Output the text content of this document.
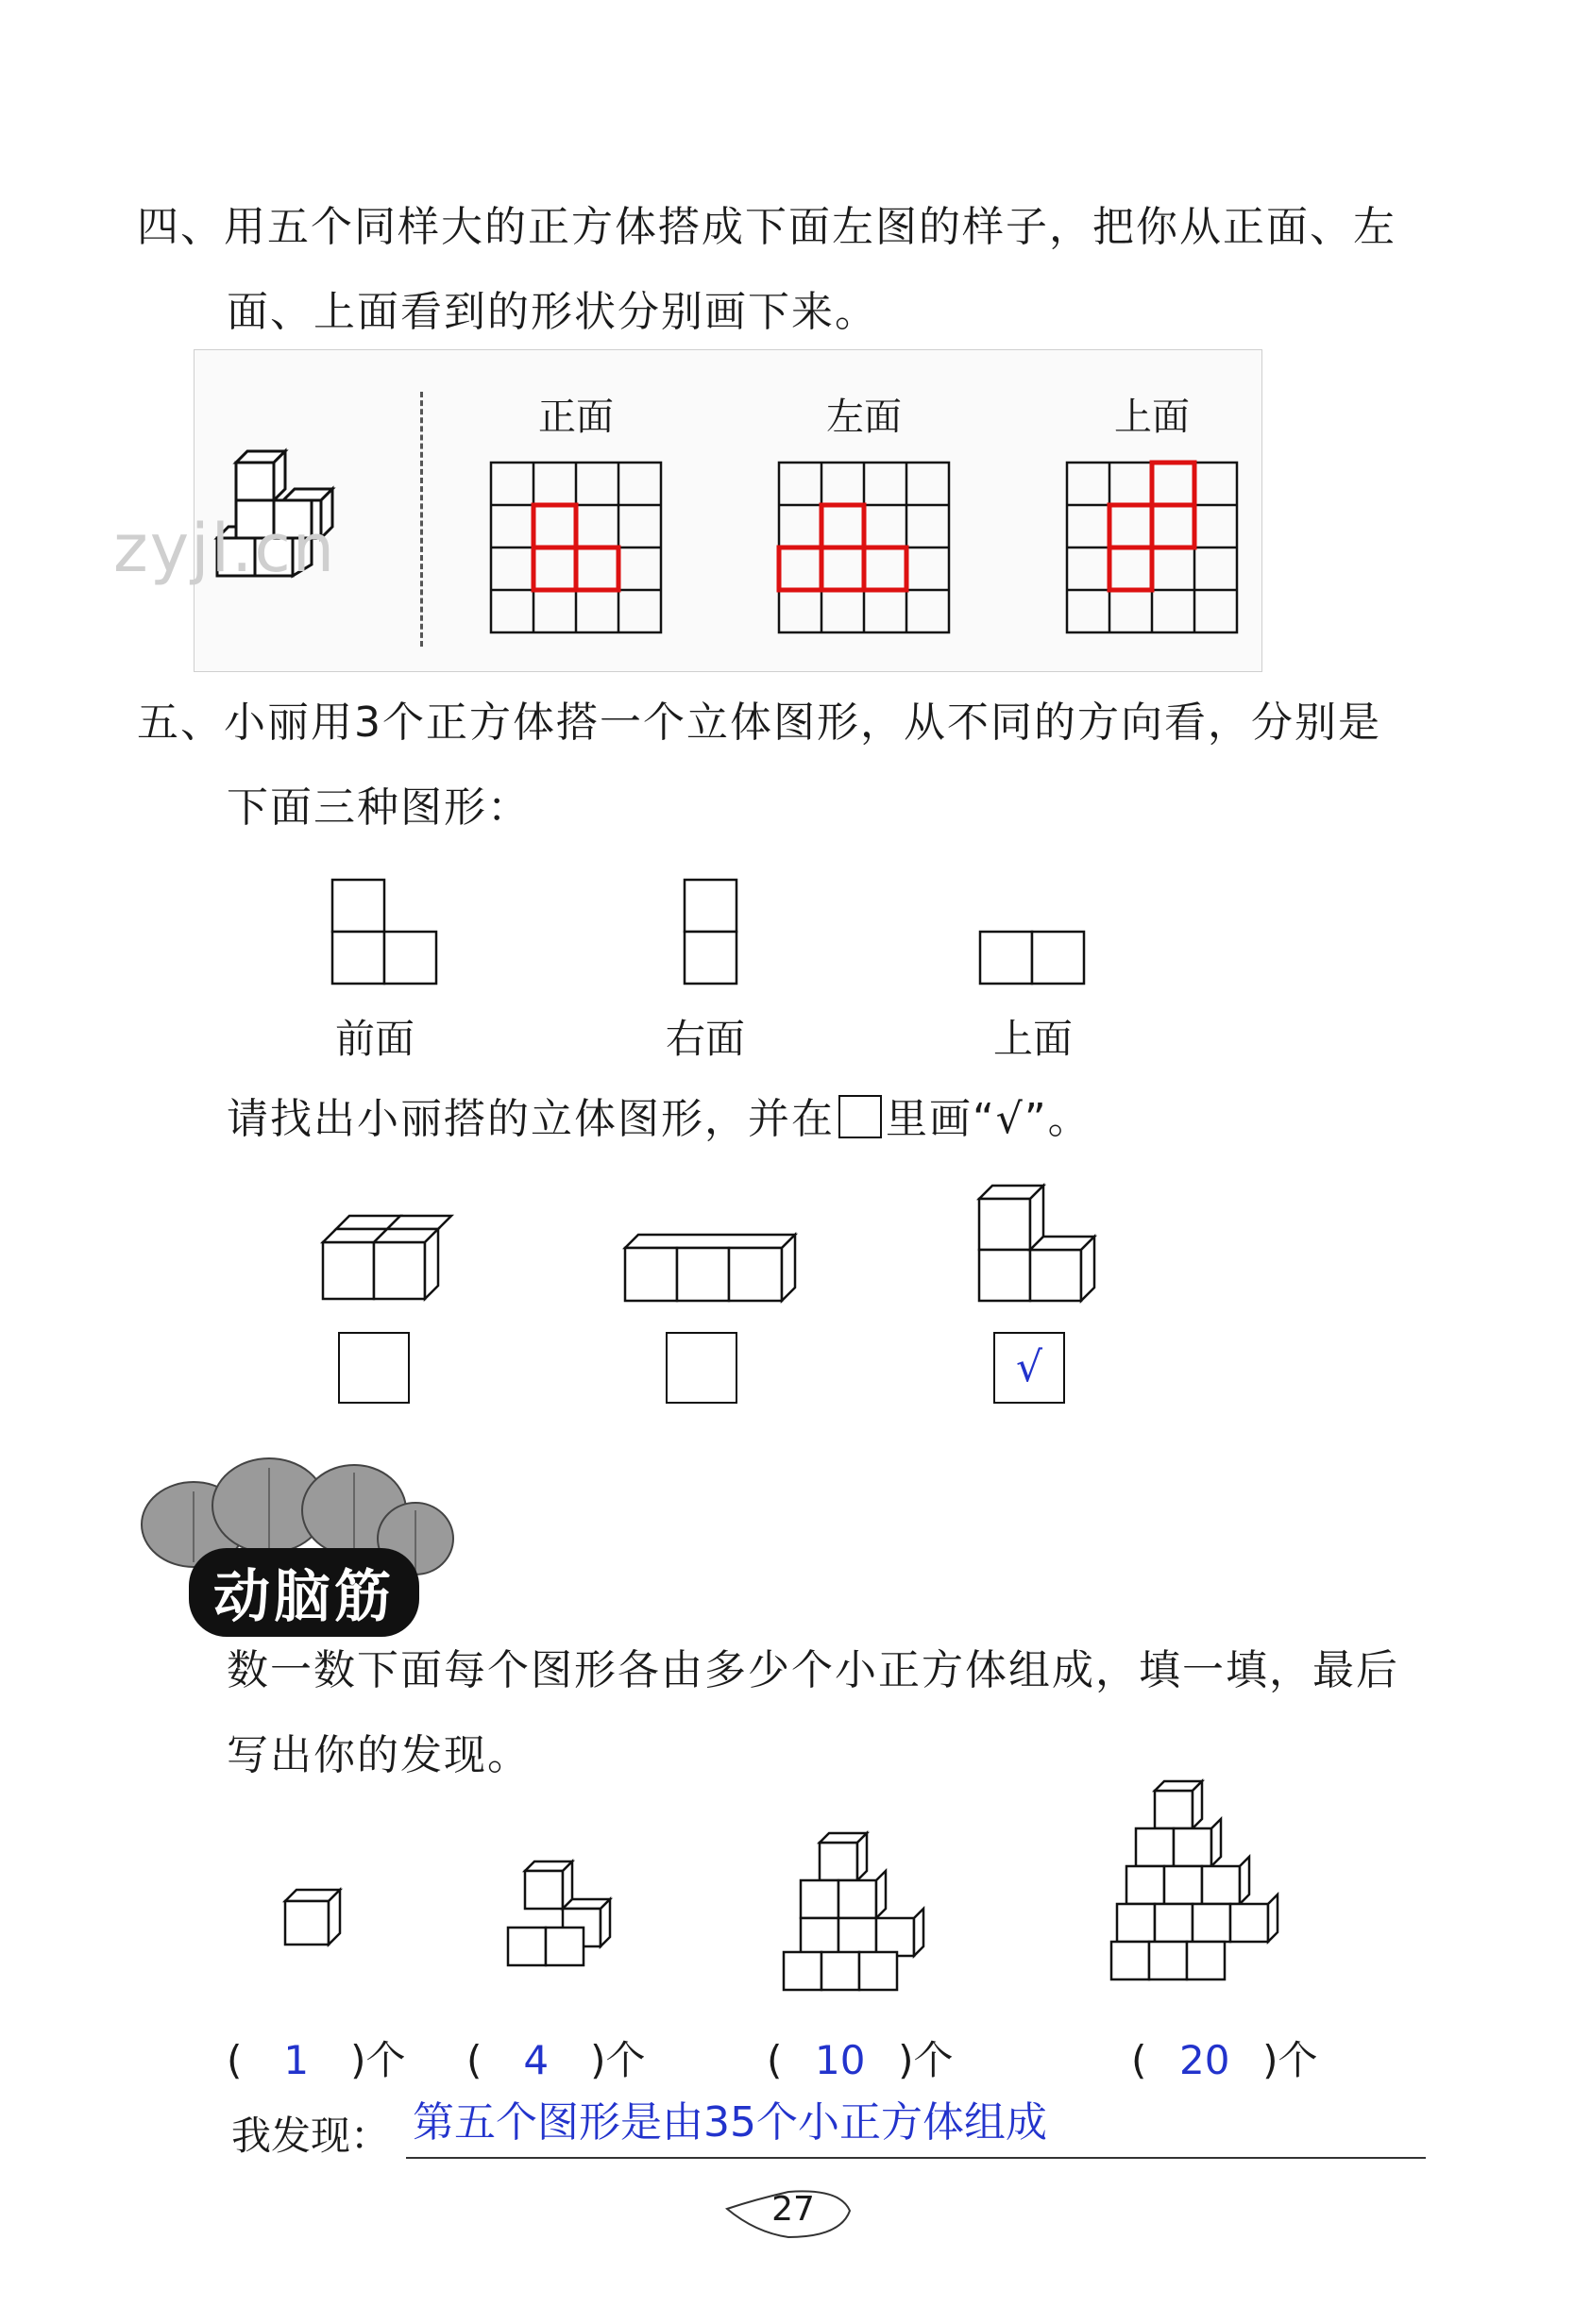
四、用五个同样大的正方体搭成下面左图的样子，把你从正面、左
面、上面看到的形状分别画下来。
zyjl.cn
正面	左面	上面
五、小丽用3个正方体搭一个立体图形，从不同的方向看，分别是
下面三种图形：
前面	右面	上面
请找出小丽搭的立体图形，并在 里画“√”。
√
动脑筋
数一数下面每个图形各由多少个小正方体组成，填一填，最后
写出你的发现。
( 1 )个 ( 4 )个	( 10 )个	( 20 )个
我发现： 第五个图形是由35个小正方体组成
27
